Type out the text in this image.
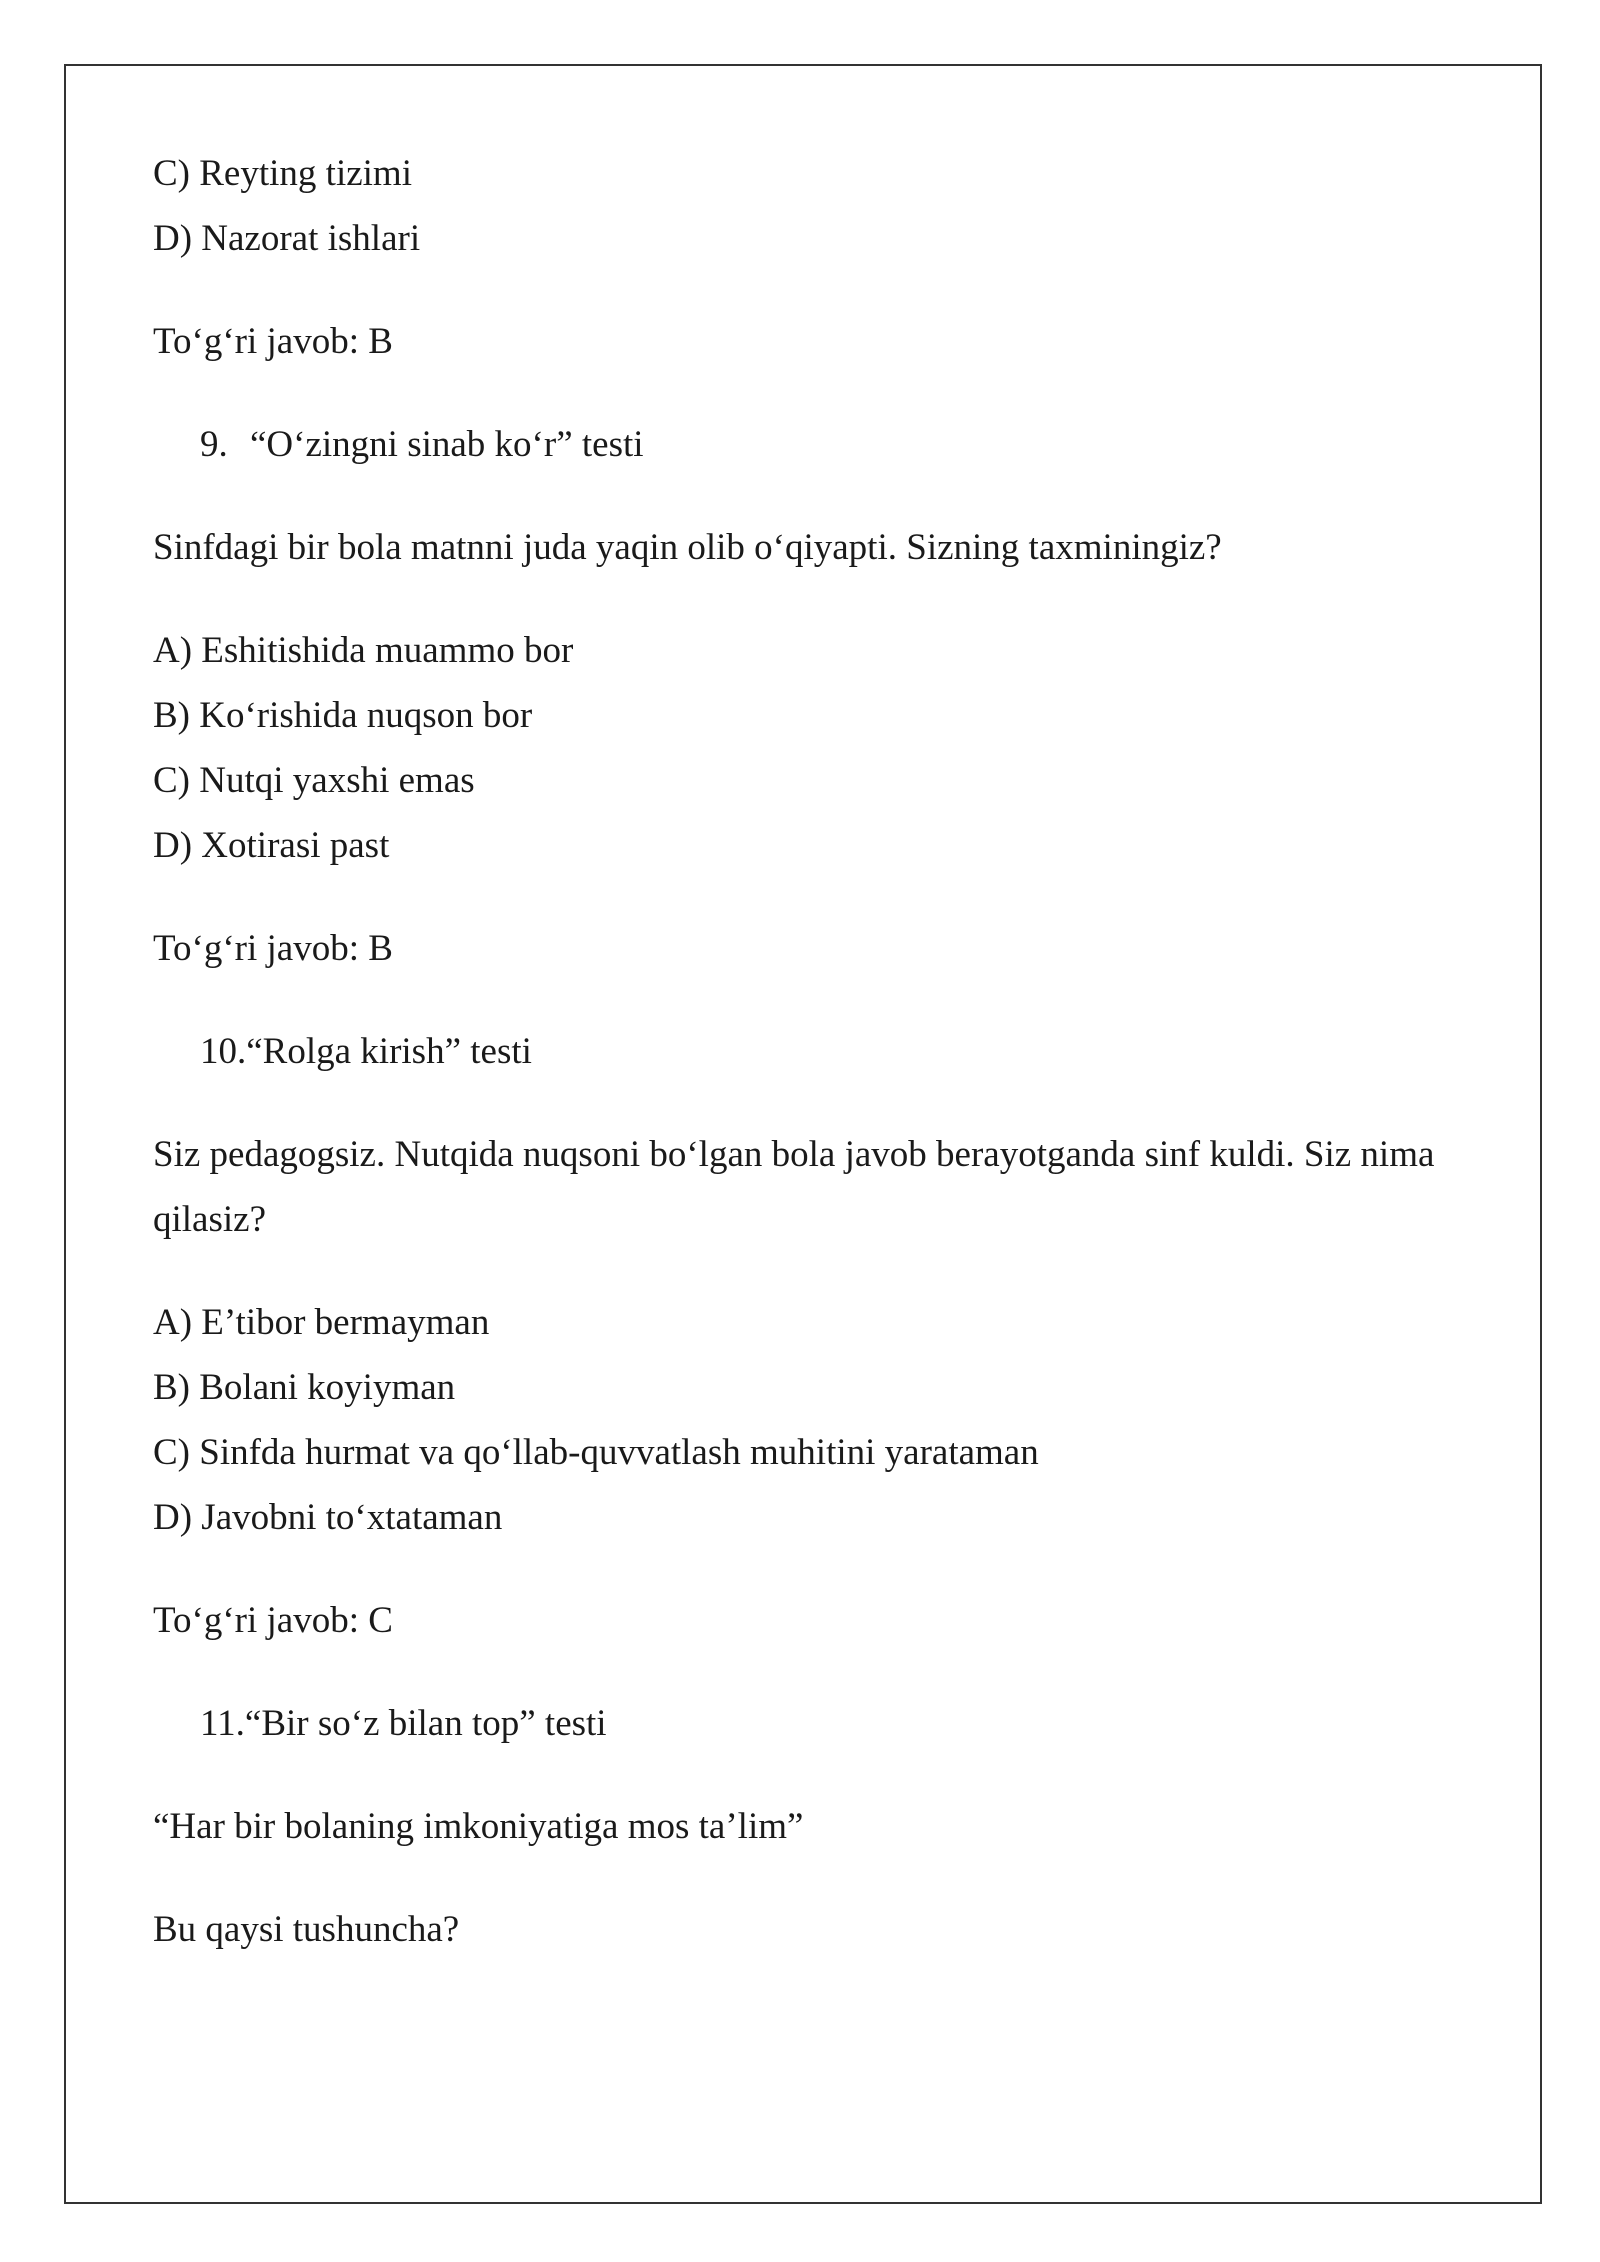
C) Reyting tizimi
D) Nazorat ishlari
To‘g‘ri javob: B
9. “O‘zingni sinab ko‘r” testi
Sinfdagi bir bola matnni juda yaqin olib o‘qiyapti. Sizning taxminingiz?
A) Eshitishida muammo bor
B) Ko‘rishida nuqson bor
C) Nutqi yaxshi emas
D) Xotirasi past
To‘g‘ri javob: B
10.“Rolga kirish” testi
Siz pedagogsiz. Nutqida nuqsoni bo‘lgan bola javob berayotganda sinf kuldi. Siz nima
qilasiz?
A) E’tibor bermayman
B) Bolani koyiyman
C) Sinfda hurmat va qo‘llab-quvvatlash muhitini yarataman
D) Javobni to‘xtataman
To‘g‘ri javob: C
11.“Bir so‘z bilan top” testi
“Har bir bolaning imkoniyatiga mos ta’lim”
Bu qaysi tushuncha?
